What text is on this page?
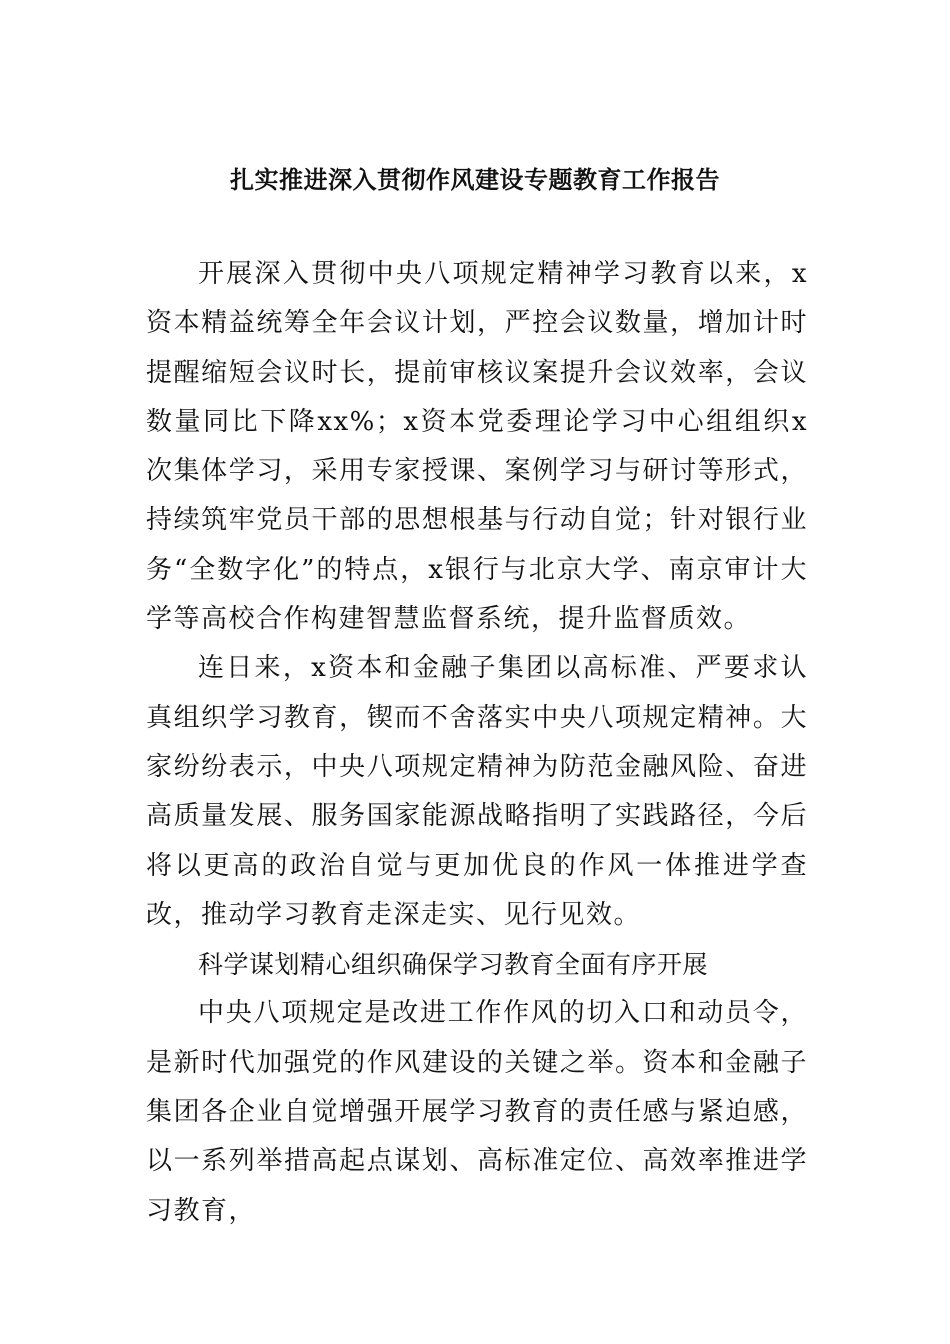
扎实推进深入贯彻作风建设专题教育工作报告

开展深入贯彻中央八项规定精神学习教育以来，x资本精益统筹全年会议计划，严控会议数量，增加计时提醒缩短会议时长，提前审核议案提升会议效率，会议数量同比下降xx%；x资本党委理论学习中心组组织x次集体学习，采用专家授课、案例学习与研讨等形式，持续筑牢党员干部的思想根基与行动自觉；针对银行业务“全数字化”的特点，x银行与北京大学、南京审计大学等高校合作构建智慧监督系统，提升监督质效。

连日来，x资本和金融子集团以高标准、严要求认真组织学习教育，锲而不舍落实中央八项规定精神。大家纷纷表示，中央八项规定精神为防范金融风险、奋进高质量发展、服务国家能源战略指明了实践路径，今后将以更高的政治自觉与更加优良的作风一体推进学查改，推动学习教育走深走实、见行见效。

科学谋划精心组织确保学习教育全面有序开展

中央八项规定是改进工作作风的切入口和动员令，是新时代加强党的作风建设的关键之举。资本和金融子集团各企业自觉增强开展学习教育的责任感与紧迫感，以一系列举措高起点谋划、高标准定位、高效率推进学习教育，
